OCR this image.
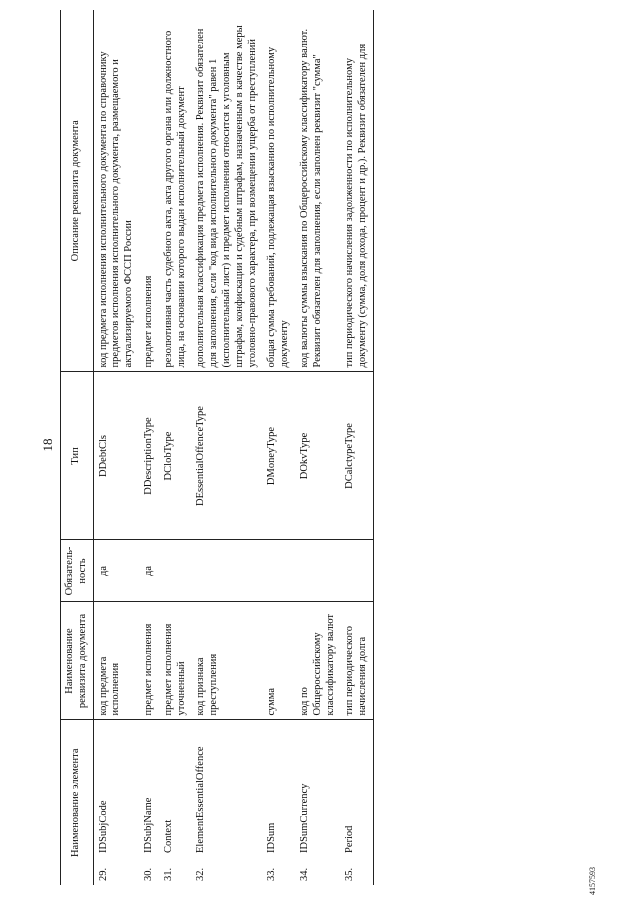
18
Наименование элемента	Наименование реквизита документа	Обязатель-ность	Тип	Описание реквизита документа
29.IDSubjCode	код предмета исполнения	да	DDebtCls	код предмета исполнения исполнительного документа по справочнику предметов исполнения исполнительного документа, размещаемого и актуализируемого ФССП России
30.IDSubjName	предмет исполнения	да	DDescriptionType	предмет исполнения
31.Context	предмет исполнения уточненный		DClobType	резолютивная часть судебного акта, акта другого органа или должностного лица, на основании которого выдан исполнительный документ
32.ElementEssentialOffence	код признака преступления		DEssentialOffenceType	дополнительная классификация предмета исполнения. Реквизит обязателен для заполнения, если "код вида исполнительного документа" равен 1 (исполнительный лист) и предмет исполнения относится к уголовным штрафам, конфискации и судебным штрафам, назначенным в качестве меры уголовно-правового характера, при возмещении ущерба от преступлений
33.IDSum	сумма		DMoneyType	общая сумма требований, подлежащая взысканию по исполнительному документу
34.IDSumCurrency	код по Общероссийскому классификатору валют		DOkvType	код валюты суммы взыскания по Общероссийскому классификатору валют. Реквизит обязателен для заполнения, если заполнен реквизит "сумма"
35.Period	тип периодического начисления долга		DCalctypeType	тип периодического начисления задолженности по исполнительному документу (сумма, доля дохода, процент и др.). Реквизит обязателен для
4157593
